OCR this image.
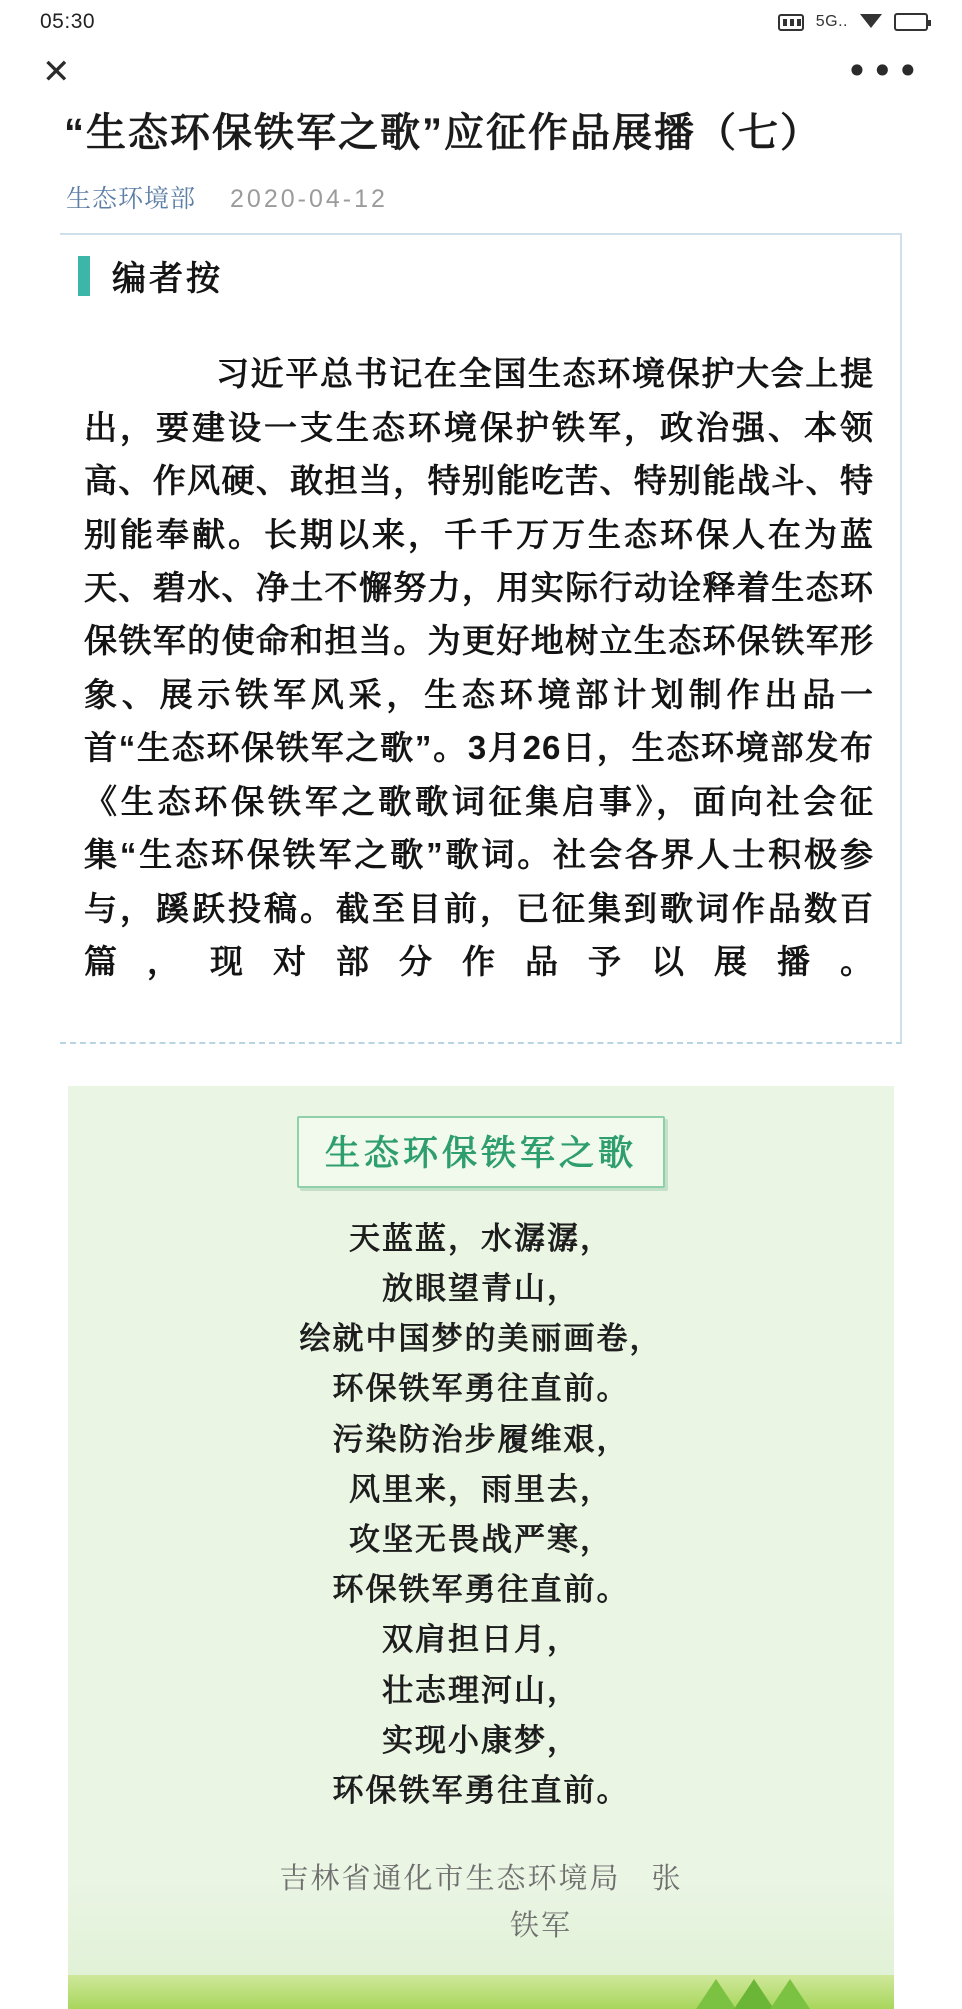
05:30	5G..
✕	•••
“生态环保铁军之歌”应征作品展播（七）
生态环境部 2020-04-12
编者按

习近平总书记在全国生态环境保护大会上提出，要建设一支生态环境保护铁军，政治强、本领高、作风硬、敢担当，特别能吃苦、特别能战斗、特别能奉献。长期以来，千千万万生态环保人在为蓝天、碧水、净土不懈努力，用实际行动诠释着生态环保铁军的使命和担当。为更好地树立生态环保铁军形象、展示铁军风采，生态环境部计划制作出品一首“生态环保铁军之歌”。3月26日，生态环境部发布《生态环保铁军之歌歌词征集启事》，面向社会征集“生态环保铁军之歌”歌词。社会各界人士积极参与，蹊跃投稿。截至目前，已征集到歌词作品数百篇，现对部分作品予以展播。

生态环保铁军之歌
天蓝蓝，水潺潺，
放眼望青山，
绘就中国梦的美丽画卷，
环保铁军勇往直前。
污染防治步履维艰，
风里来，雨里去，
攻坚无畏战严寒，
环保铁军勇往直前。
双肩担日月，
壮志理河山，
实现小康梦，
环保铁军勇往直前。
吉林省通化市生态环境局　张
铁军
